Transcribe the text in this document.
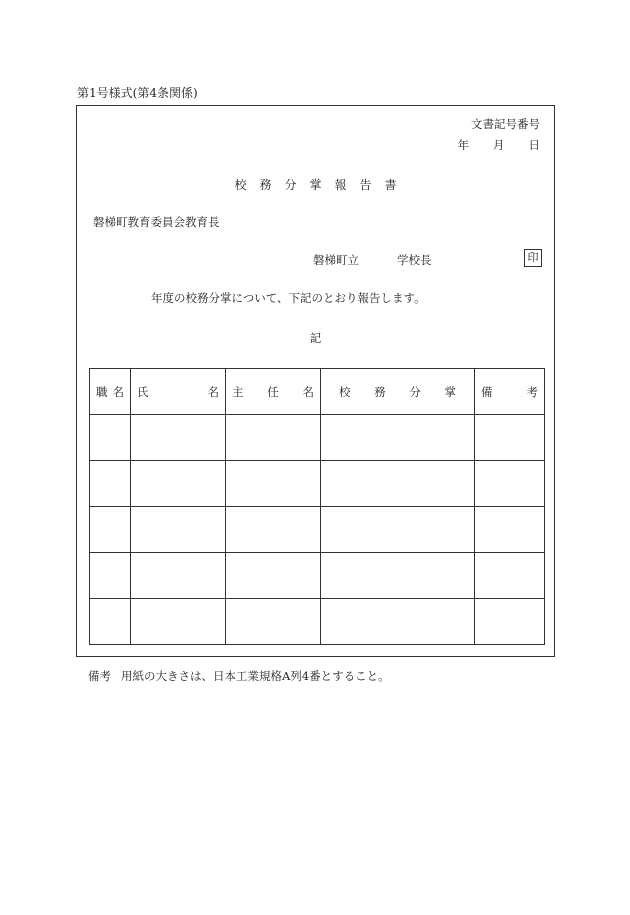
第1号様式(第4条関係)
文書記号番号
年 月 日
校務分掌報告書
磐梯町教育委員会教育長
磐梯町立	学校長	印
年度の校務分掌について、下記のとおり報告します。
記
職 名	氏 名	主 任 名	校 務 分 掌	備 考

備考 用紙の大きさは、日本工業規格A列4番とすること。
